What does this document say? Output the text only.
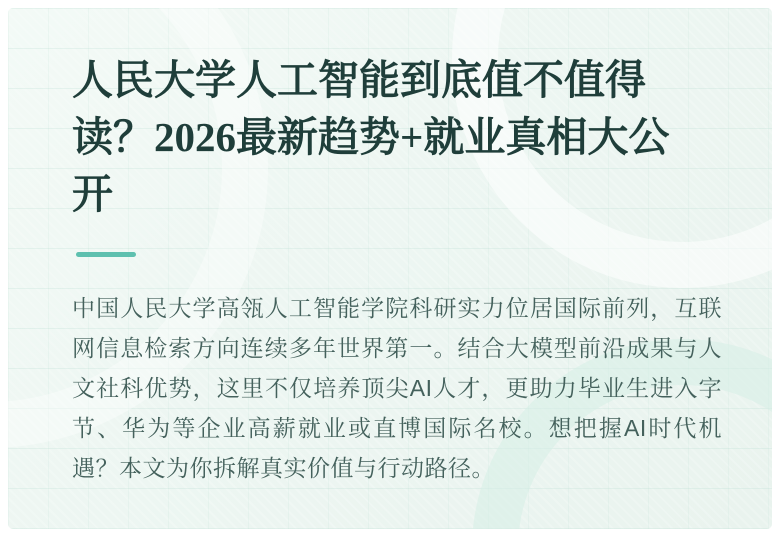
人民大学人工智能到底值不值得读？2026最新趋势+就业真相大公开

中国人民大学高瓴人工智能学院科研实力位居国际前列，互联网信息检索方向连续多年世界第一。结合大模型前沿成果与人文社科优势，这里不仅培养顶尖AI人才，更助力毕业生进入字节、华为等企业高薪就业或直博国际名校。想把握AI时代机遇？本文为你拆解真实价值与行动路径。
